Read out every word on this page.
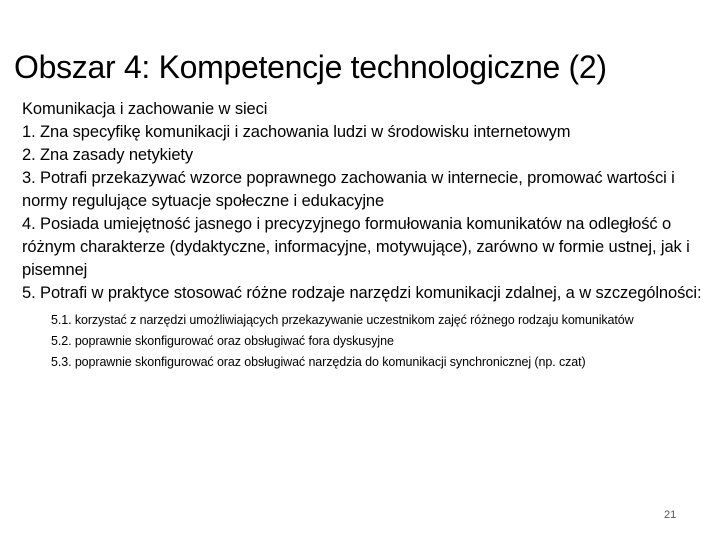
Obszar 4: Kompetencje technologiczne (2)

Komunikacja i zachowanie w sieci

1. Zna specyfikę komunikacji i zachowania ludzi w środowisku internetowym

2. Zna zasady netykiety

3. Potrafi przekazywać wzorce poprawnego zachowania w internecie, promować wartości i normy regulujące sytuacje społeczne i edukacyjne

4. Posiada umiejętność jasnego i precyzyjnego formułowania komunikatów na odległość o różnym charakterze (dydaktyczne, informacyjne, motywujące), zarówno w formie ustnej, jak i pisemnej

5. Potrafi w praktyce stosować różne rodzaje narzędzi komunikacji zdalnej, a w szczególności:

5.1. korzystać z narzędzi umożliwiających przekazywanie uczestnikom zajęć różnego rodzaju komunikatów

5.2. poprawnie skonfigurować oraz obsługiwać fora dyskusyjne

5.3. poprawnie skonfigurować oraz obsługiwać narzędzia do komunikacji synchronicznej (np. czat)

21
